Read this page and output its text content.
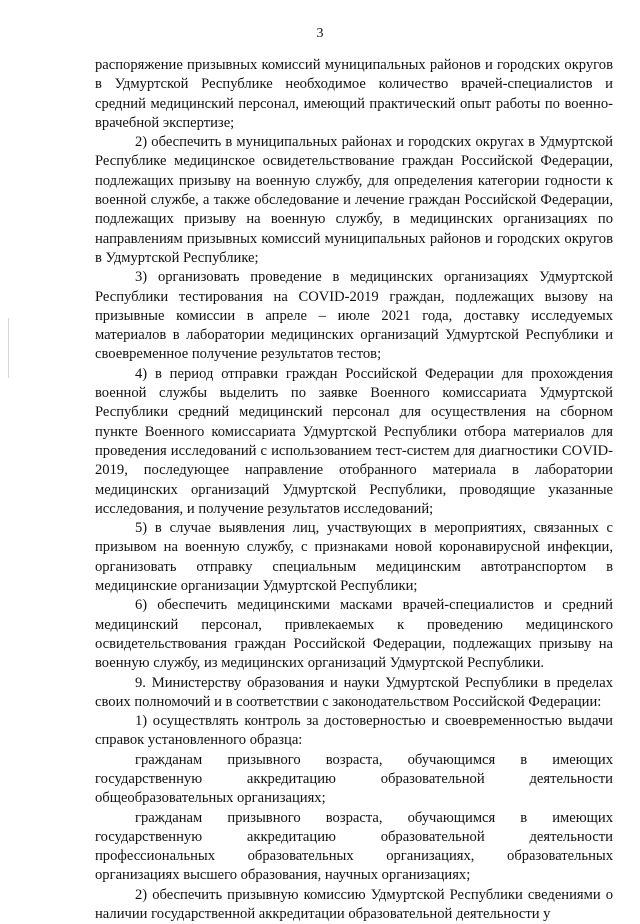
3

распоряжение призывных комиссий муниципальных районов и городских округов в Удмуртской Республике необходимое количество врачей-специалистов и средний медицинский персонал, имеющий практический опыт работы по военно-врачебной экспертизе;

2) обеспечить в муниципальных районах и городских округах в Удмуртской Республике медицинское освидетельствование граждан Российской Федерации, подлежащих призыву на военную службу, для определения категории годности к военной службе, а также обследование и лечение граждан Российской Федерации, подлежащих призыву на военную службу, в медицинских организациях по направлениям призывных комиссий муниципальных районов и городских округов в Удмуртской Республике;

3) организовать проведение в медицинских организациях Удмуртской Республики тестирования на COVID-2019 граждан, подлежащих вызову на призывные комиссии в апреле – июле 2021 года, доставку исследуемых материалов в лаборатории медицинских организаций Удмуртской Республики и своевременное получение результатов тестов;

4) в период отправки граждан Российской Федерации для прохождения военной службы выделить по заявке Военного комиссариата Удмуртской Республики средний медицинский персонал для осуществления на сборном пункте Военного комиссариата Удмуртской Республики отбора материалов для проведения исследований с использованием тест-систем для диагностики COVID-2019, последующее направление отобранного материала в лаборатории медицинских организаций Удмуртской Республики, проводящие указанные исследования, и получение результатов исследований;

5) в случае выявления лиц, участвующих в мероприятиях, связанных с призывом на военную службу, с признаками новой коронавирусной инфекции, организовать отправку специальным медицинским автотранспортом в медицинские организации Удмуртской Республики;

6) обеспечить медицинскими масками врачей-специалистов и средний медицинский персонал, привлекаемых к проведению медицинского освидетельствования граждан Российской Федерации, подлежащих призыву на военную службу, из медицинских организаций Удмуртской Республики.

9. Министерству образования и науки Удмуртской Республики в пределах своих полномочий и в соответствии с законодательством Российской Федерации:

1) осуществлять контроль за достоверностью и своевременностью выдачи справок установленного образца:

гражданам призывного возраста, обучающимся в имеющих государственную аккредитацию образовательной деятельности общеобразовательных организациях;

гражданам призывного возраста, обучающимся в имеющих государственную аккредитацию образовательной деятельности профессиональных образовательных организациях, образовательных организациях высшего образования, научных организациях;

2) обеспечить призывную комиссию Удмуртской Республики сведениями о наличии государственной аккредитации образовательной деятельности у
